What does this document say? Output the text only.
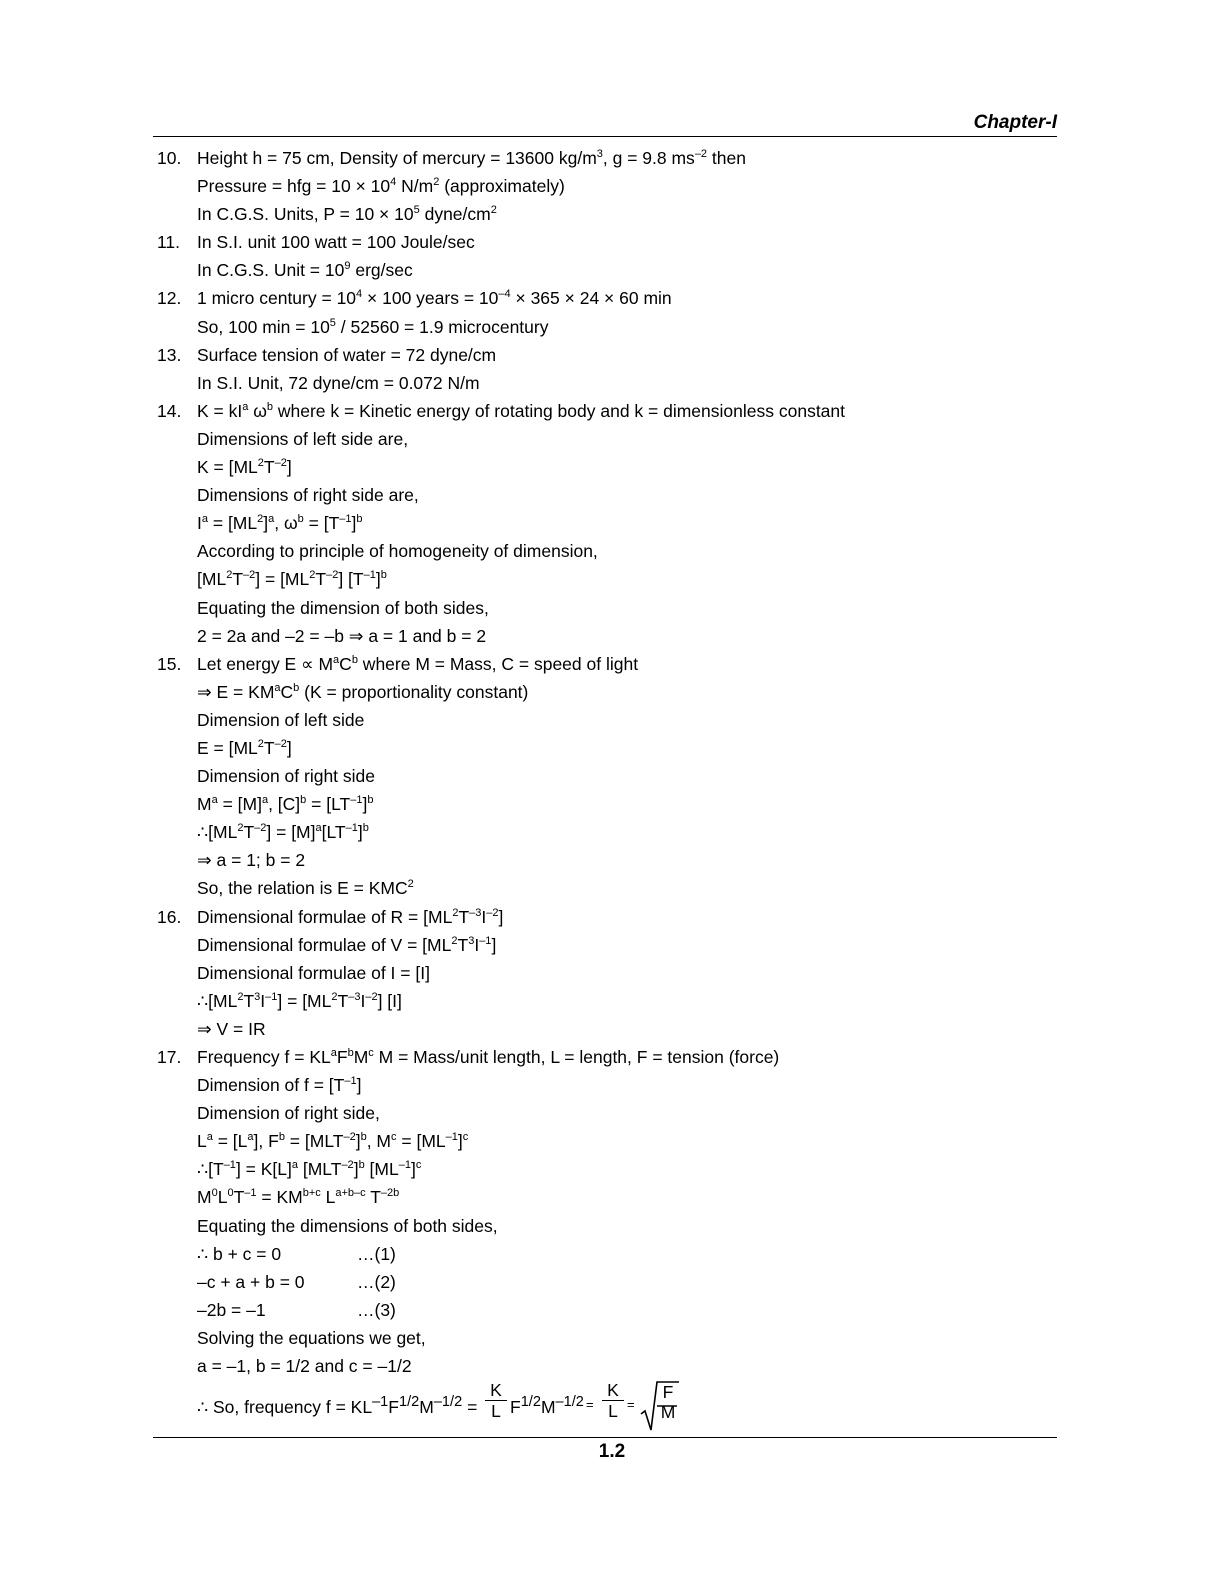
Chapter-I
10. Height h = 75 cm, Density of mercury = 13600 $kg/m^3$, g = 9.8 $ms^{-2}$ then
Pressure = hfg = $10 \times 10^4$ $N/m^2$ (approximately)
In C.G.S. Units, $P = 10 \times 10^5$ dyne/$cm^2$
11. In S.I. unit 100 watt = 100 Joule/sec
In C.G.S. Unit = $10^9$ erg/sec
12. 1 micro century = $10^4 \times 100$ years = $10^{-4} \times 365 \times 24 \times 60$ min
So, 100 $\min = 10^5 / 52560 = 1.9$ microcentury
13. Surface tension of water = 72 dyne/cm
In S.I. Unit, 72 dyne/cm = 0.072 N/m
14. $K = kI^a$ $\omega^b$ where k = Kinetic energy of rotating body and k = dimensionless constant
Dimensions of left side are,
$K = [ML^2T^{-2}]$
Dimensions of right side are,
$I^a = [ML^2]^a$, $\omega^b = [T^{-1}]^b$
According to principle of homogeneity of dimension,
$[ML^2T^{-2}] = [ML^2T^{-2}]$ $[T^{-1}]^b$
Equating the dimension of both sides,
2 = 2a and –2 = –b ⇒ a = 1 and b = 2
15. Let energy $E \propto M^aC^b$ where M = Mass, C = speed of light
⇒ $E = KM^aC^b$ (K = proportionality constant)
Dimension of left side
$E = [ML^2T^{-2}]$
Dimension of right side
$M^a = [M]^a$, $[C]^b = [LT^{-1}]^b$
$\therefore[ML^2T^{-2}] = [M]^a[LT^{-1}]^b$
⇒ a = 1; b = 2
So, the relation is $E = KMC^2$
16. Dimensional formulae of $R = [ML^2T^{-3}I^{-2}]$
Dimensional formulae of $V = [ML^2T^3I^{-1}]$
Dimensional formulae of I = [I]
$\therefore[ML^2T^3I^{-1}] = [ML^2T^{-3}I^{-2}]$ [I]
⇒ V = IR
17. Frequency $f = KL^aF^bM^c$ M = Mass/unit length, L = length, F = tension (force)
Dimension of $f = [T^{-1}]$
Dimension of right side,
$L^a = [L^a]$, $F^b = [MLT^{-2}]^b$, $M^c = [ML^{-1}]^c$
$\therefore[T^{-1}] = K[L]^a$ $[MLT^{-2}]^b$ $[ML^{-1}]^c$
$M^0L^0T^{-1} = KM^{b+c}$ $L^{a+b-c}$ $T^{-2b}$
Equating the dimensions of both sides,
∴ b + c = 0	…(1)
–c + a + b = 0	…(2)
–2b = –1	…(3)
Solving the equations we get,
a = –1, b = 1/2 and c = –1/2
∴ So, frequency $f = KL^{-1}F^{1/2}M^{-1/2} = \frac{K}{L} F^{1/2}M^{-1/2} = \frac{K}{L}$ =
F
M
1.2
